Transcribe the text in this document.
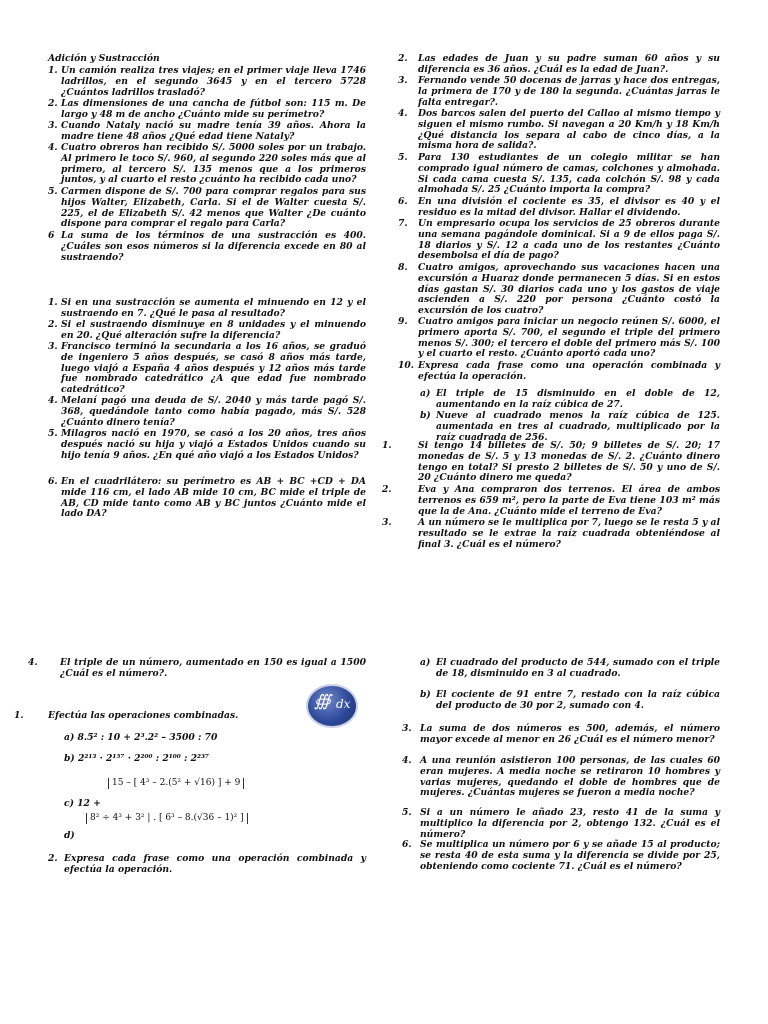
Adición y Sustracción
1. Un camión realiza tres viajes; en el primer viaje lleva 1746 ladrillos, en el segundo 3645 y en el tercero 5728 ¿Cuántos ladrillos trasladó?
2. Las dimensiones de una cancha de fútbol son: 115 m. De largo y 48 m de ancho ¿Cuánto mide su perímetro?
3. Cuando Nataly nació su madre tenía 39 años. Ahora la madre tiene 48 años ¿Qué edad tiene Nataly?
4. Cuatro obreros han recibido S/. 5000 soles por un trabajo. Al primero le toco S/. 960, al segundo 220 soles más que al primero, al tercero S/. 135 menos que a los primeros juntos, y al cuarto el resto ¿cuánto ha recibido cada uno?
5. Carmen dispone de S/. 700 para comprar regalos para sus hijos Walter, Elizabeth, Carla. Si el de Walter cuesta S/. 225, el de Elizabeth S/. 42 menos que Walter ¿De cuánto dispone para comprar el regalo para Carla?
6 La suma de los términos de una sustracción es 400. ¿Cuáles son esos números si la diferencia excede en 80 al sustraendo?
1. Si en una sustracción se aumenta el minuendo en 12 y el sustraendo en 7. ¿Qué le pasa al resultado?
2. Si el sustraendo disminuye en 8 unidades y el minuendo en 20. ¿Qué alteración sufre la diferencia?
3. Francisco terminó la secundaria a los 16 años, se graduó de ingeniero 5 años después, se casó 8 años más tarde, luego viajó a España 4 años después y 12 años más tarde fue nombrado catedrático ¿A que edad fue nombrado catedrático?
4. Melaní pagó una deuda de S/. 2040 y más tarde pagó S/. 368, quedándole tanto como había pagado, más S/. 528 ¿Cuánto dinero tenía?
5. Milagros nació en 1970, se casó a los 20 años, tres años después nació su hija y viajó a Estados Unidos cuando su hijo tenía 9 años. ¿En qué año viajó a los Estados Unidos?
6. En el cuadrilátero: su perímetro es AB + BC +CD + DA mide 116 cm, el lado AB mide 10 cm, BC mide el triple de AB, CD mide tanto como AB y BC juntos ¿Cuánto mide el lado DA?
2. Las edades de Juan y su padre suman 60 años y su diferencia es 36 años. ¿Cuál es la edad de Juan?.
3. Fernando vende 50 docenas de jarras y hace dos entregas, la primera de 170 y de 180 la segunda. ¿Cuántas jarras le falta entregar?.
4. Dos barcos salen del puerto del Callao al mismo tiempo y siguen el mismo rumbo. Si navegan a 20 Km/h y 18 Km/h ¿Qué distancia los separa al cabo de cinco días, a la misma hora de salida?.
5. Para 130 estudiantes de un colegio militar se han comprado igual número de camas, colchones y almohada. Si cada cama cuesta S/. 135, cada colchón S/. 98 y cada almohada S/. 25 ¿Cuánto importa la compra?
6. En una división el cociente es 35, el divisor es 40 y el residuo es la mitad del divisor. Hallar el dividendo.
7. Un empresario ocupa los servicios de 25 obreros durante una semana pagándole dominical. Si a 9 de ellos paga S/. 18 diarios y S/. 12 a cada uno de los restantes ¿Cuánto desembolsa el día de pago?
8. Cuatro amigos, aprovechando sus vacaciones hacen una excursión a Huaraz donde permanecen 5 días. Si en estos días gastan S/. 30 diarios cada uno y los gastos de viaje ascienden a S/. 220 por persona ¿Cuánto costó la excursión de los cuatro?
9. Cuatro amigos para iniciar un negocio reúnen S/. 6000, el primero aporta S/. 700, el segundo el triple del primero menos S/. 300; el tercero el doble del primero más S/. 100 y el cuarto el resto. ¿Cuánto aportó cada uno?
10. Expresa cada frase como una operación combinada y efectúa la operación.
a) El triple de 15 disminuido en el doble de 12, aumentando en la raíz cúbica de 27.
b) Nueve al cuadrado menos la raíz cúbica de 125. aumentada en tres al cuadrado, multiplicado por la raíz cuadrada de 256.
1.	Si tengo 14 billetes de S/. 50; 9 billetes de S/. 20; 17 monedas de S/. 5 y 13 monedas de S/. 2. ¿Cuánto dinero tengo en total? Si presto 2 billetes de S/. 50 y uno de S/. 20 ¿Cuánto dinero me queda?
2.	Eva y Ana compraron dos terrenos. El área de ambos terrenos es 659 m², pero la parte de Eva tiene 103 m² más que la de Ana. ¿Cuánto mide el terreno de Eva?
3.	A un número se le multiplica por 7, luego se le resta 5 y al resultado se le extrae la raíz cuadrada obteniéndose al final 3. ¿Cuál es el número?
4. El triple de un número, aumentado en 150 es igual a 1500 ¿Cuál es el número?.
1.	Efectúa las operaciones combinadas.
a) 8.5² : 10 + 2³.2² – 3500 : 70
b) 2²¹³ · 2¹⁵⁷ · 2²⁰⁰ : 2¹⁰⁰ : 2²³⁷
15 – [ 4³ – 2.(5² + √16) ] + 9
c) 12 +
8² ÷ 4³ + 3² | . [ 6³ – 8.(√36 – 1)² ]
d)
2. Expresa cada frase como una operación combinada y efectúa la operación.
∰ dx
a) El cuadrado del producto de 544, sumado con el triple de 18, disminuido en 3 al cuadrado.
b) El cociente de 91 entre 7, restado con la raíz cúbica del producto de 30 por 2, sumado con 4.
3. La suma de dos números es 500, además, el número mayor excede al menor en 26 ¿Cuál es el número menor?
4. A una reunión asistieron 100 personas, de las cuales 60 eran mujeres. A media noche se retiraron 10 hombres y varias mujeres, quedando el doble de hombres que de mujeres. ¿Cuántas mujeres se fueron a media noche?
5. Si a un número le añado 23, resto 41 de la suma y multiplico la diferencia por 2, obtengo 132. ¿Cuál es el número?
6. Se multiplica un número por 6 y se añade 15 al producto; se resta 40 de esta suma y la diferencia se divide por 25, obteniendo como cociente 71. ¿Cuál es el número?
